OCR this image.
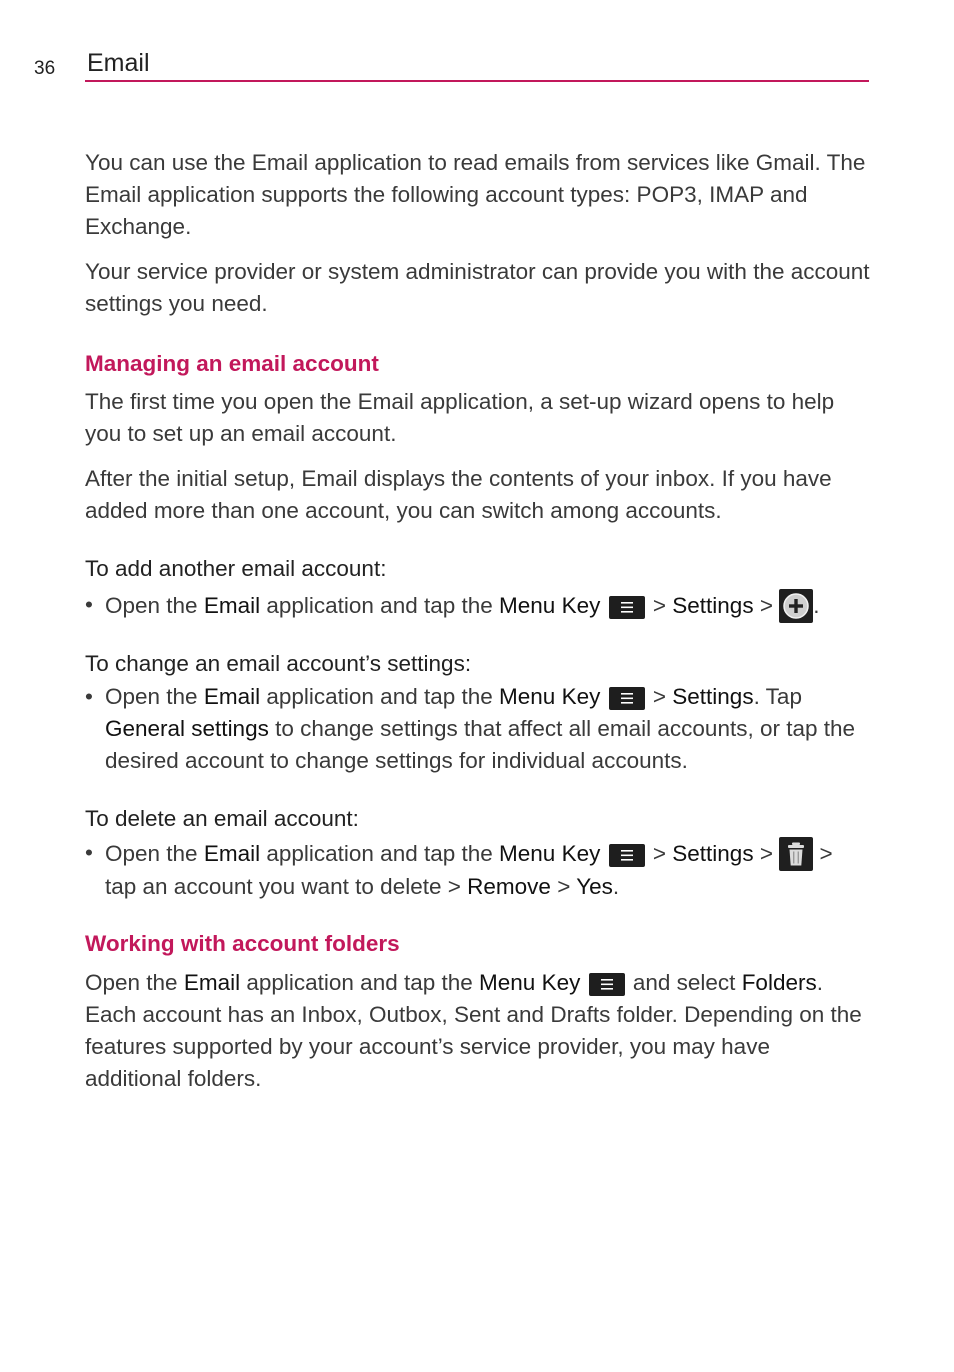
36 Email

You can use the Email application to read emails from services like Gmail. The Email application supports the following account types: POP3, IMAP and Exchange.

Your service provider or system administrator can provide you with the account settings you need.

Managing an email account

The first time you open the Email application, a set-up wizard opens to help you to set up an email account.

After the initial setup, Email displays the contents of your inbox. If you have added more than one account, you can switch among accounts.

To add another email account:
• Open the Email application and tap the Menu Key
> Settings >
.
To change an email account’s settings:
• Open the Email application and tap the Menu Key
> Settings. Tap General settings to change settings that affect all email accounts, or tap the desired account to change settings for individual accounts.
To delete an email account:
• Open the Email application and tap the Menu Key
> Settings >
> tap an account you want to delete > Remove > Yes.
Working with account folders

Open the Email application and tap the Menu Key
and select Folders. Each account has an Inbox, Outbox, Sent and Drafts folder. Depending on the features supported by your account’s service provider, you may have additional folders.
